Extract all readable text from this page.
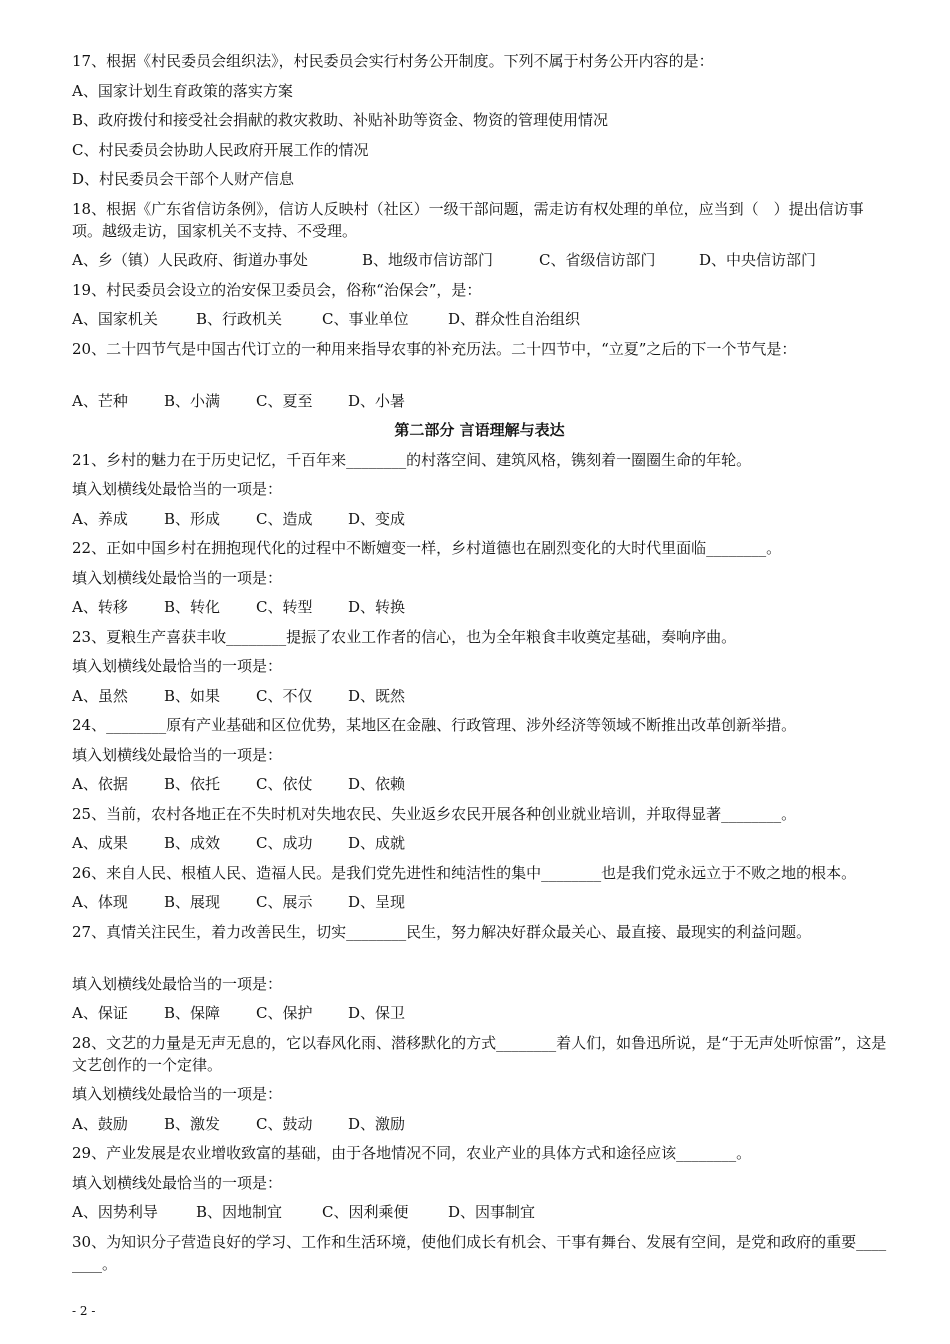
17、根据《村民委员会组织法》，村民委员会实行村务公开制度。下列不属于村务公开内容的是：
A、国家计划生育政策的落实方案
B、政府拨付和接受社会捐献的救灾救助、补贴补助等资金、物资的管理使用情况
C、村民委员会协助人民政府开展工作的情况
D、村民委员会干部个人财产信息
18、根据《广东省信访条例》，信访人反映村（社区）一级干部问题，需走访有权处理的单位，应当到（　）提出信访事项。越级走访，国家机关不支持、不受理。
A、乡（镇）人民政府、街道办事处	B、地级市信访部门	C、省级信访部门	D、中央信访部门
19、村民委员会设立的治安保卫委员会，俗称“治保会”，是：
A、国家机关	B、行政机关	C、事业单位	D、群众性自治组织
20、二十四节气是中国古代订立的一种用来指导农事的补充历法。二十四节中，“立夏”之后的下一个节气是：
A、芒种	B、小满	C、夏至	D、小暑
第二部分 言语理解与表达
21、乡村的魅力在于历史记忆，千百年来________的村落空间、建筑风格，镌刻着一圈圈生命的年轮。
填入划横线处最恰当的一项是：
A、养成	B、形成	C、造成	D、变成
22、正如中国乡村在拥抱现代化的过程中不断嬗变一样，乡村道德也在剧烈变化的大时代里面临________。
填入划横线处最恰当的一项是：
A、转移	B、转化	C、转型	D、转换
23、夏粮生产喜获丰收________提振了农业工作者的信心，也为全年粮食丰收奠定基础，奏响序曲。
填入划横线处最恰当的一项是：
A、虽然	B、如果	C、不仅	D、既然
24、________原有产业基础和区位优势，某地区在金融、行政管理、涉外经济等领域不断推出改革创新举措。
填入划横线处最恰当的一项是：
A、依据	B、依托	C、依仗	D、依赖
25、当前，农村各地正在不失时机对失地农民、失业返乡农民开展各种创业就业培训，并取得显著________。
A、成果	B、成效	C、成功	D、成就
26、来自人民、根植人民、造福人民。是我们党先进性和纯洁性的集中________也是我们党永远立于不败之地的根本。
A、体现	B、展现	C、展示	D、呈现
27、真情关注民生，着力改善民生，切实________民生，努力解决好群众最关心、最直接、最现实的利益问题。
填入划横线处最恰当的一项是：
A、保证	B、保障	C、保护	D、保卫
28、文艺的力量是无声无息的，它以春风化雨、潜移默化的方式________着人们，如鲁迅所说，是“于无声处听惊雷”，这是文艺创作的一个定律。
填入划横线处最恰当的一项是：
A、鼓励	B、激发	C、鼓动	D、激励
29、产业发展是农业增收致富的基础，由于各地情况不同，农业产业的具体方式和途径应该________。
填入划横线处最恰当的一项是：
A、因势利导	B、因地制宜	C、因利乘便	D、因事制宜
30、为知识分子营造良好的学习、工作和生活环境，使他们成长有机会、干事有舞台、发展有空间，是党和政府的重要________。
- 2 -
